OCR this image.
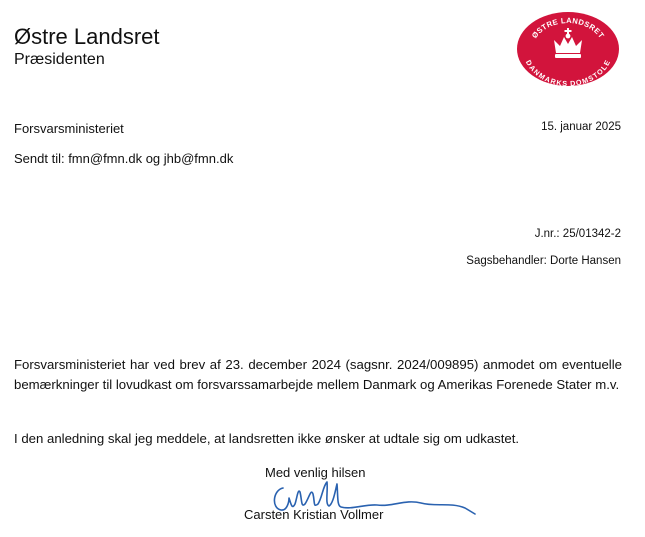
Østre Landsret
Præsidenten
ØSTRE LANDSRET
DANMARKS DOMSTOLE
Forsvarsministeriet	15. januar 2025
Sendt til: fmn@fmn.dk og jhb@fmn.dk
J.nr.: 25/01342-2
Sagsbehandler: Dorte Hansen
Forsvarsministeriet har ved brev af 23. december 2024 (sagsnr. 2024/009895) anmodet om eventuelle bemærkninger til lovudkast om forsvarssamarbejde mellem Danmark og Amerikas Forenede Stater m.v.
I den anledning skal jeg meddele, at landsretten ikke ønsker at udtale sig om udkastet.
Med venlig hilsen
Carsten Kristian Vollmer
